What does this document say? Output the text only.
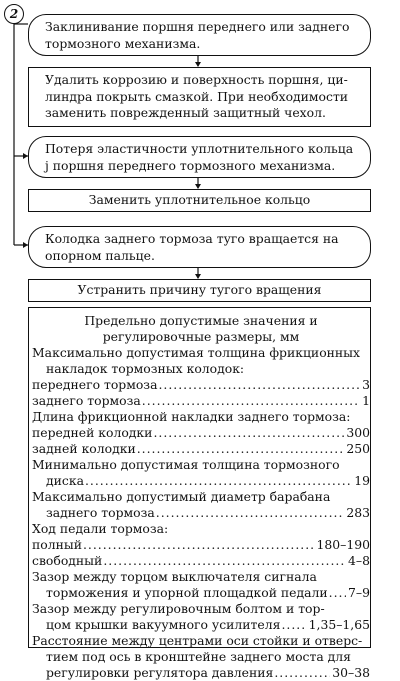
2
Заклинивание поршня переднего или заднего
тормозного механизма.
Удалить коррозию и поверхность поршня, ци-
линдра покрыть смазкой. При необходимости
заменить поврежденный защитный чехол.
Потеря эластичности уплотнительного кольца
j поршня переднего тормозного механизма.
Заменить уплотнительное кольцо
Колодка заднего тормоза туго вращается на
опорном пальце.
Устранить причину тугого вращения
Предельно допустимые значения и
регулировочные размеры, мм
Максимально допустимая толщина фрикционных
накладок тормозных колодок:
переднего тормоза .....	3
заднего тормоза .....	1
Длина фрикционной накладки заднего тормоза:
передней колодки .....	300
задней колодки .....	250
Минимально допустимая толщина тормозного
диска .....	19
Максимально допустимый диаметр барабана
заднего тормоза .....	283
Ход педали тормоза:
полный .....	180–190
свободный .....	4–8
Зазор между торцом выключателя сигнала
торможения и упорной площадкой педали ..... 7–9
Зазор между регулировочным болтом и тор-
цом крышки вакуумного усилителя ..... 1,35–1,65
Расстояние между центрами оси стойки и отверс-
тием под ось в кронштейне заднего моста для
регулировки регулятора давления .....	30–38
